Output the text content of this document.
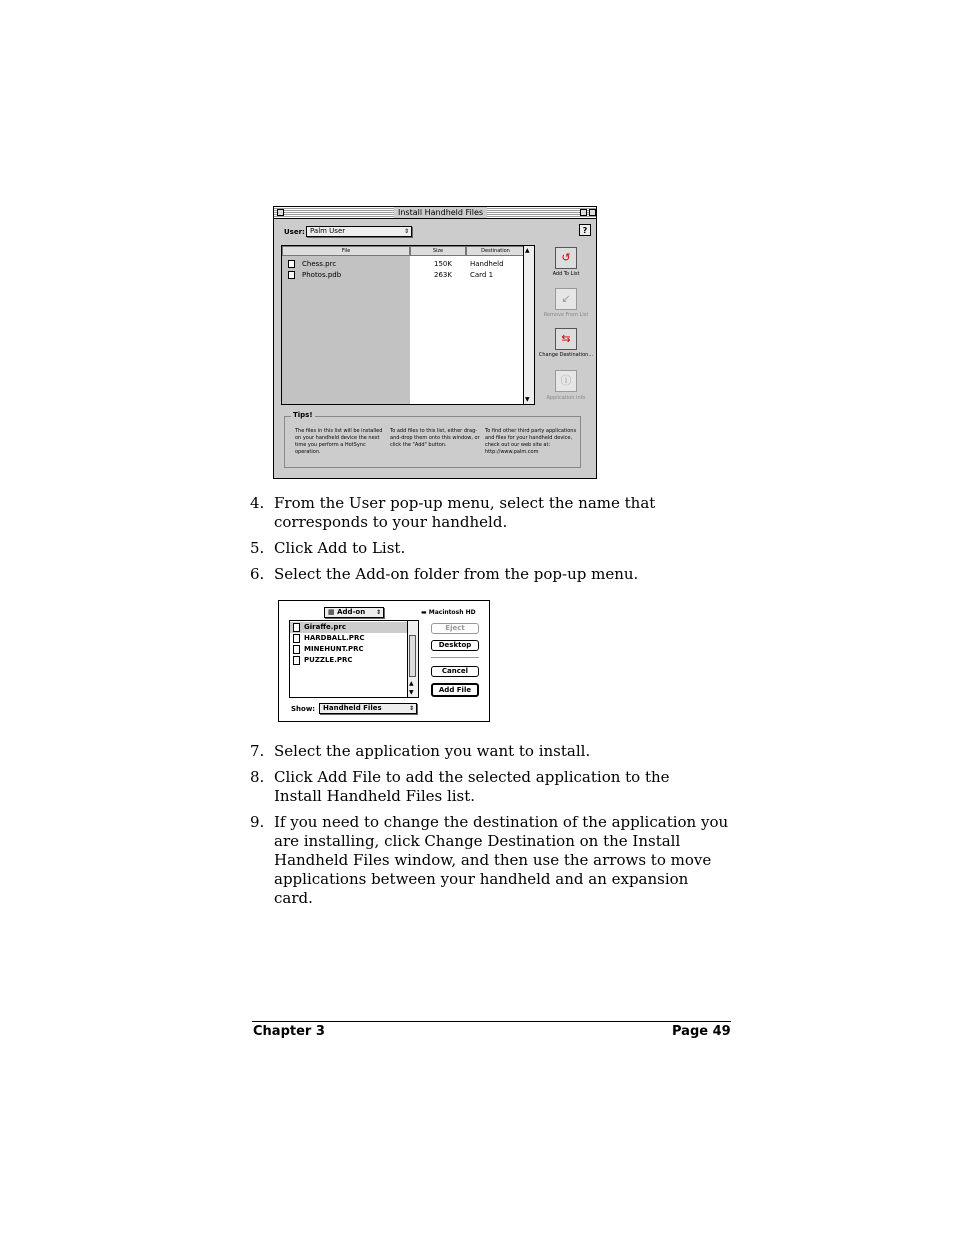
Install Handheld Files
User: Palm User	⇕	?
File	Size	Destination
Chess.prc	150K	Handheld
Photos.pdb	263K	Card 1
▲
▼
↺
Add To List
↙
Remove From List
⇆
Change Destination...
ⓘ
Application Info
Tips!
The files in this list will be installed on your handheld device the next time you perform a HotSync operation.
To add files to this list, either drag-and-drop them onto this window, or click the "Add" button.
To find other third party applications and files for your handheld device, check out our web site at: http://www.palm.com
4. From the User pop-up menu, select the name that corresponds to your handheld.
5. Click Add to List.
6. Select the Add-on folder from the pop-up menu.
▦ Add-on ⇕	▬ Macintosh HD
Giraffe.prc
HARDBALL.PRC
MINEHUNT.PRC
PUZZLE.PRC
▲
▼
Eject
Desktop
Cancel
Add File
Show:	Handheld Files	⇕
7. Select the application you want to install.
8. Click Add File to add the selected application to the Install Handheld Files list.
9. If you need to change the destination of the application you are installing, click Change Destination on the Install Handheld Files window, and then use the arrows to move applications between your handheld and an expansion card.
Chapter 3	Page 49
